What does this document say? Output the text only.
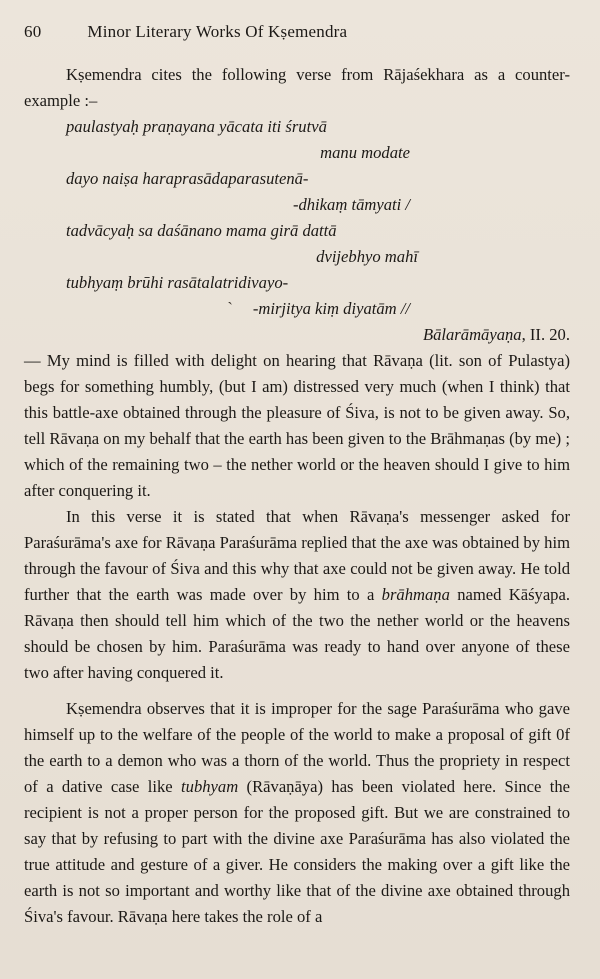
60	Minor Literary Works Of Kṣemendra

Kṣemendra cites the following verse from Rājaśekhara as a counter-example :–

paulastyaḥ praṇayana yācata iti śrutvā
manu modate
dayo naiṣa haraprasādaparasutenā-
-dhikaṃ tāmyati /
tadvācyaḥ sa daśānano mama girā dattā
dvijebhyo mahī
tubhyaṃ brūhi rasātalatridivayo-
` -mirjitya kiṃ diyatām //

Bālarāmāyaṇa, II. 20.

— My mind is filled with delight on hearing that Rāvaṇa (lit. son of Pulastya) begs for something humbly, (but I am) distressed very much (when I think) that this battle-axe obtained through the pleasure of Śiva, is not to be given away. So, tell Rāvaṇa on my behalf that the earth has been given to the Brāhmaṇas (by me) ; which of the remaining two – the nether world or the heaven should I give to him after conquering it.

In this verse it is stated that when Rāvaṇa's messenger asked for Paraśurāma's axe for Rāvaṇa Paraśurāma replied that the axe was obtained by him through the favour of Śiva and this why that axe could not be given away. He told further that the earth was made over by him to a brāhmaṇa named Kāśyapa. Rāvaṇa then should tell him which of the two the nether world or the heavens should be chosen by him. Paraśurāma was ready to hand over anyone of these two after having conquered it.

Kṣemendra observes that it is improper for the sage Paraśurāma who gave himself up to the welfare of the people of the world to make a proposal of gift 0f the earth to a demon who was a thorn of the world. Thus the propriety in respect of a dative case like tubhyam (Rāvaṇāya) has been violated here. Since the recipient is not a proper person for the proposed gift. But we are constrained to say that by refusing to part with the divine axe Paraśurāma has also violated the true attitude and gesture of a giver. He considers the making over a gift like the earth is not so important and worthy like that of the divine axe obtained through Śiva's favour. Rāvaṇa here takes the role of a
